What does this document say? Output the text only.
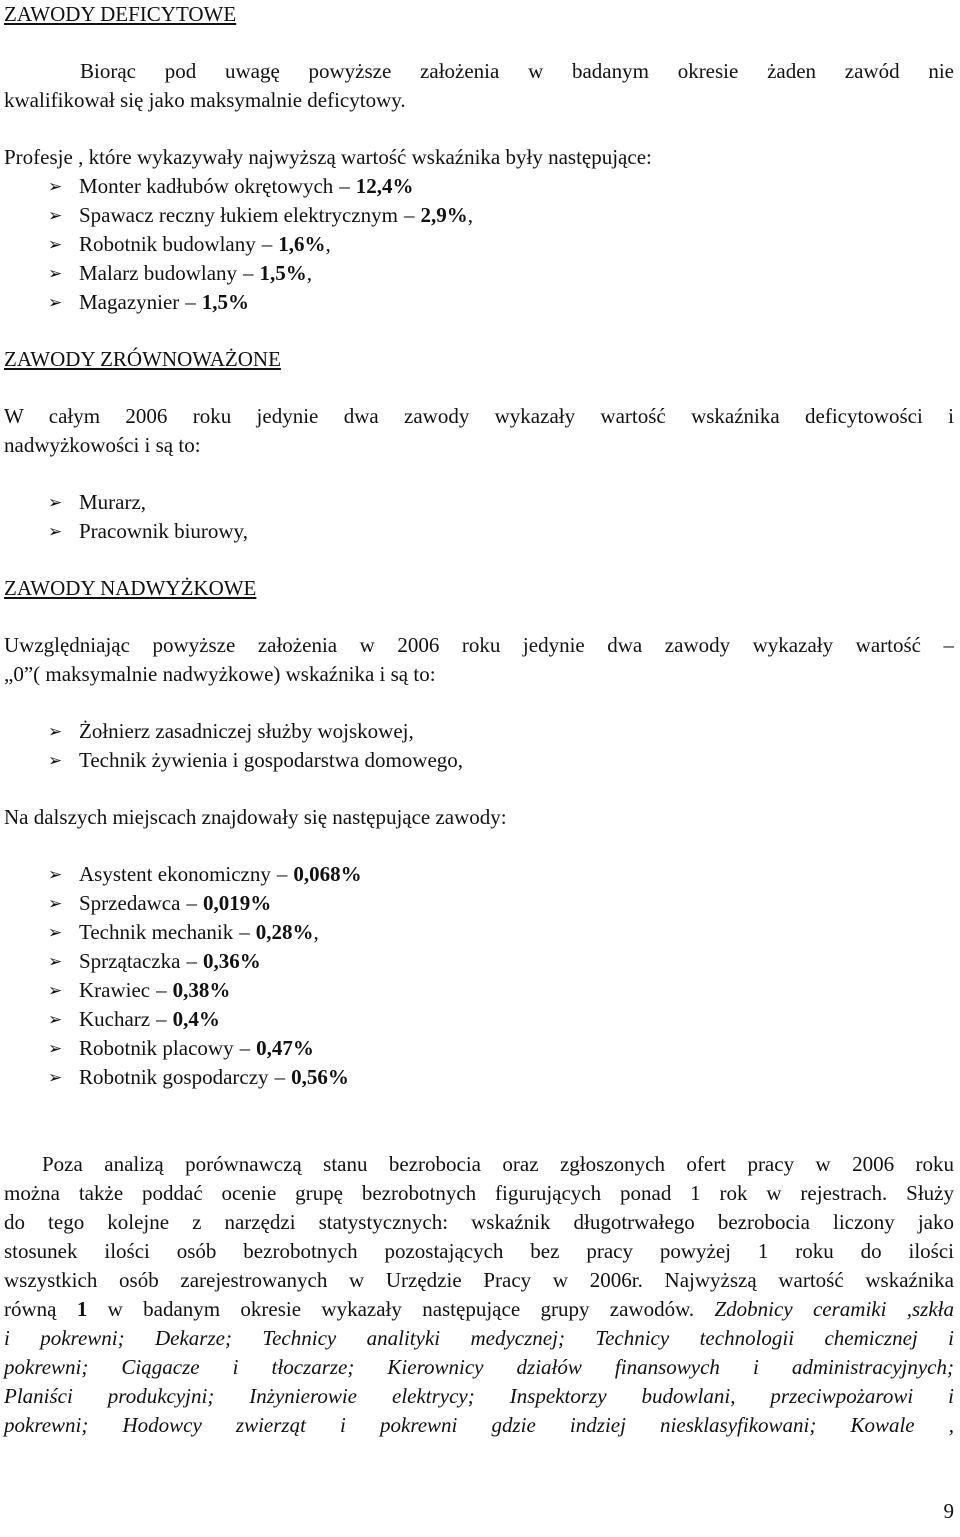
ZAWODY DEFICYTOWE

Biorąc pod uwagę powyższe założenia w badanym okresie żaden zawód nie

kwalifikował się jako maksymalnie deficytowy.

Profesje , które wykazywały najwyższą wartość wskaźnika były następujące:

➢ Monter kadłubów okrętowych – 12,4%
➢ Spawacz reczny łukiem elektrycznym – 2,9%,
➢ Robotnik budowlany – 1,6%,
➢ Malarz budowlany – 1,5%,
➢ Magazynier – 1,5%
ZAWODY ZRÓWNOWAŻONE

W całym 2006 roku jedynie dwa zawody wykazały wartość wskaźnika deficytowości i

nadwyżkowości i są to:

➢ Murarz,
➢ Pracownik biurowy,
ZAWODY NADWYŻKOWE

Uwzględniając powyższe założenia w 2006 roku jedynie dwa zawody wykazały wartość –

„0”( maksymalnie nadwyżkowe) wskaźnika i są to:

➢ Żołnierz zasadniczej służby wojskowej,
➢ Technik żywienia i gospodarstwa domowego,

Na dalszych miejscach znajdowały się następujące zawody:

➢ Asystent ekonomiczny – 0,068%
➢ Sprzedawca – 0,019%
➢ Technik mechanik – 0,28%,
➢ Sprzątaczka – 0,36%
➢ Krawiec – 0,38%
➢ Kucharz – 0,4%
➢ Robotnik placowy – 0,47%
➢ Robotnik gospodarczy – 0,56%

Poza analizą porównawczą stanu bezrobocia oraz zgłoszonych ofert pracy w 2006 roku

można także poddać ocenie grupę bezrobotnych figurujących ponad 1 rok w rejestrach. Służy

do tego kolejne z narzędzi statystycznych: wskaźnik długotrwałego bezrobocia liczony jako

stosunek ilości osób bezrobotnych pozostających bez pracy powyżej 1 roku do ilości

wszystkich osób zarejestrowanych w Urzędzie Pracy w 2006r. Najwyższą wartość wskaźnika

równą 1 w badanym okresie wykazały następujące grupy zawodów. Zdobnicy ceramiki ,szkła

i pokrewni; Dekarze; Technicy analityki medycznej; Technicy technologii chemicznej i

pokrewni; Ciągacze i tłoczarze; Kierownicy działów finansowych i administracyjnych;

Planiści produkcyjni; Inżynierowie elektrycy; Inspektorzy budowlani, przeciwpożarowi i

pokrewni; Hodowcy zwierząt i pokrewni gdzie indziej niesklasyfikowani; Kowale ,

9
